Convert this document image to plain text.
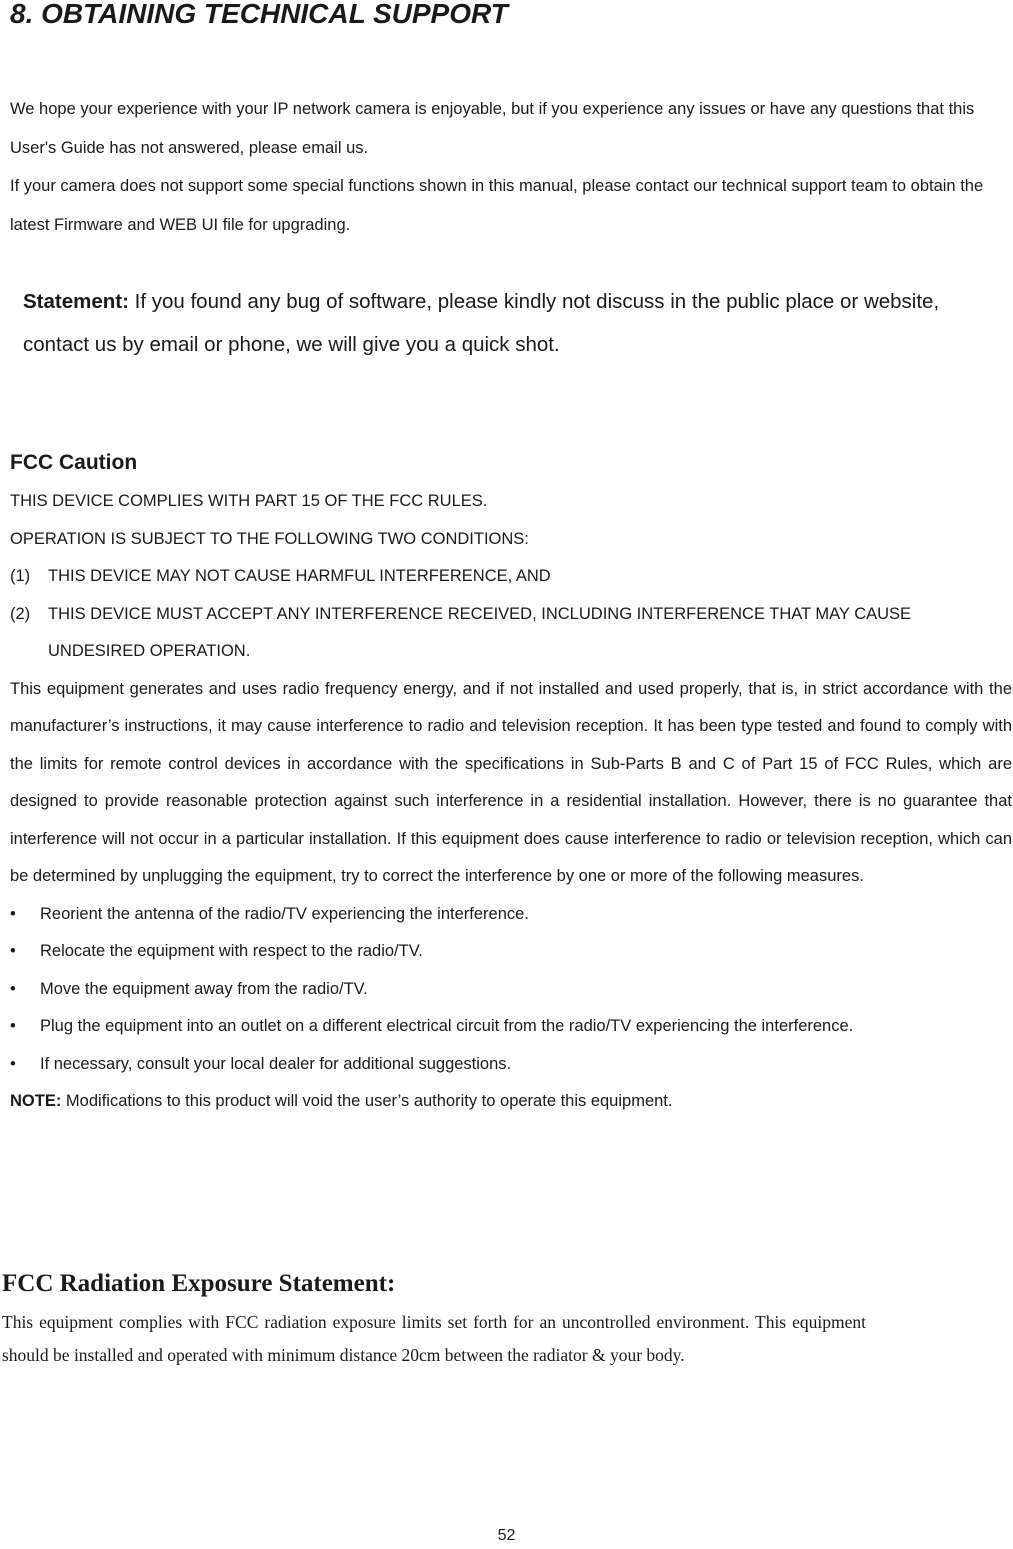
8. OBTAINING TECHNICAL SUPPORT

We hope your experience with your IP network camera is enjoyable, but if you experience any issues or have any questions that this User's Guide has not answered, please email us.

If your camera does not support some special functions shown in this manual, please contact our technical support team to obtain the latest Firmware and WEB UI file for upgrading.

Statement: If you found any bug of software, please kindly not discuss in the public place or website, contact us by email or phone, we will give you a quick shot.

FCC Caution

THIS DEVICE COMPLIES WITH PART 15 OF THE FCC RULES.

OPERATION IS SUBJECT TO THE FOLLOWING TWO CONDITIONS:

(1)	THIS DEVICE MAY NOT CAUSE HARMFUL INTERFERENCE, AND
(2)	THIS DEVICE MUST ACCEPT ANY INTERFERENCE RECEIVED, INCLUDING INTERFERENCE THAT MAY CAUSE UNDESIRED OPERATION.

This equipment generates and uses radio frequency energy, and if not installed and used properly, that is, in strict accordance with the manufacturer’s instructions, it may cause interference to radio and television reception. It has been type tested and found to comply with the limits for remote control devices in accordance with the specifications in Sub-Parts B and C of Part 15 of FCC Rules, which are designed to provide reasonable protection against such interference in a residential installation. However, there is no guarantee that interference will not occur in a particular installation. If this equipment does cause interference to radio or television reception, which can be determined by unplugging the equipment, try to correct the interference by one or more of the following measures.

•	Reorient the antenna of the radio/TV experiencing the interference.
•	Relocate the equipment with respect to the radio/TV.
•	Move the equipment away from the radio/TV.
•	Plug the equipment into an outlet on a different electrical circuit from the radio/TV experiencing the interference.
•	If necessary, consult your local dealer for additional suggestions.

NOTE: Modifications to this product will void the user’s authority to operate this equipment.

FCC Radiation Exposure Statement:

This equipment complies with FCC radiation exposure limits set forth for an uncontrolled environment. This equipment should be installed and operated with minimum distance 20cm between the radiator & your body.

52
